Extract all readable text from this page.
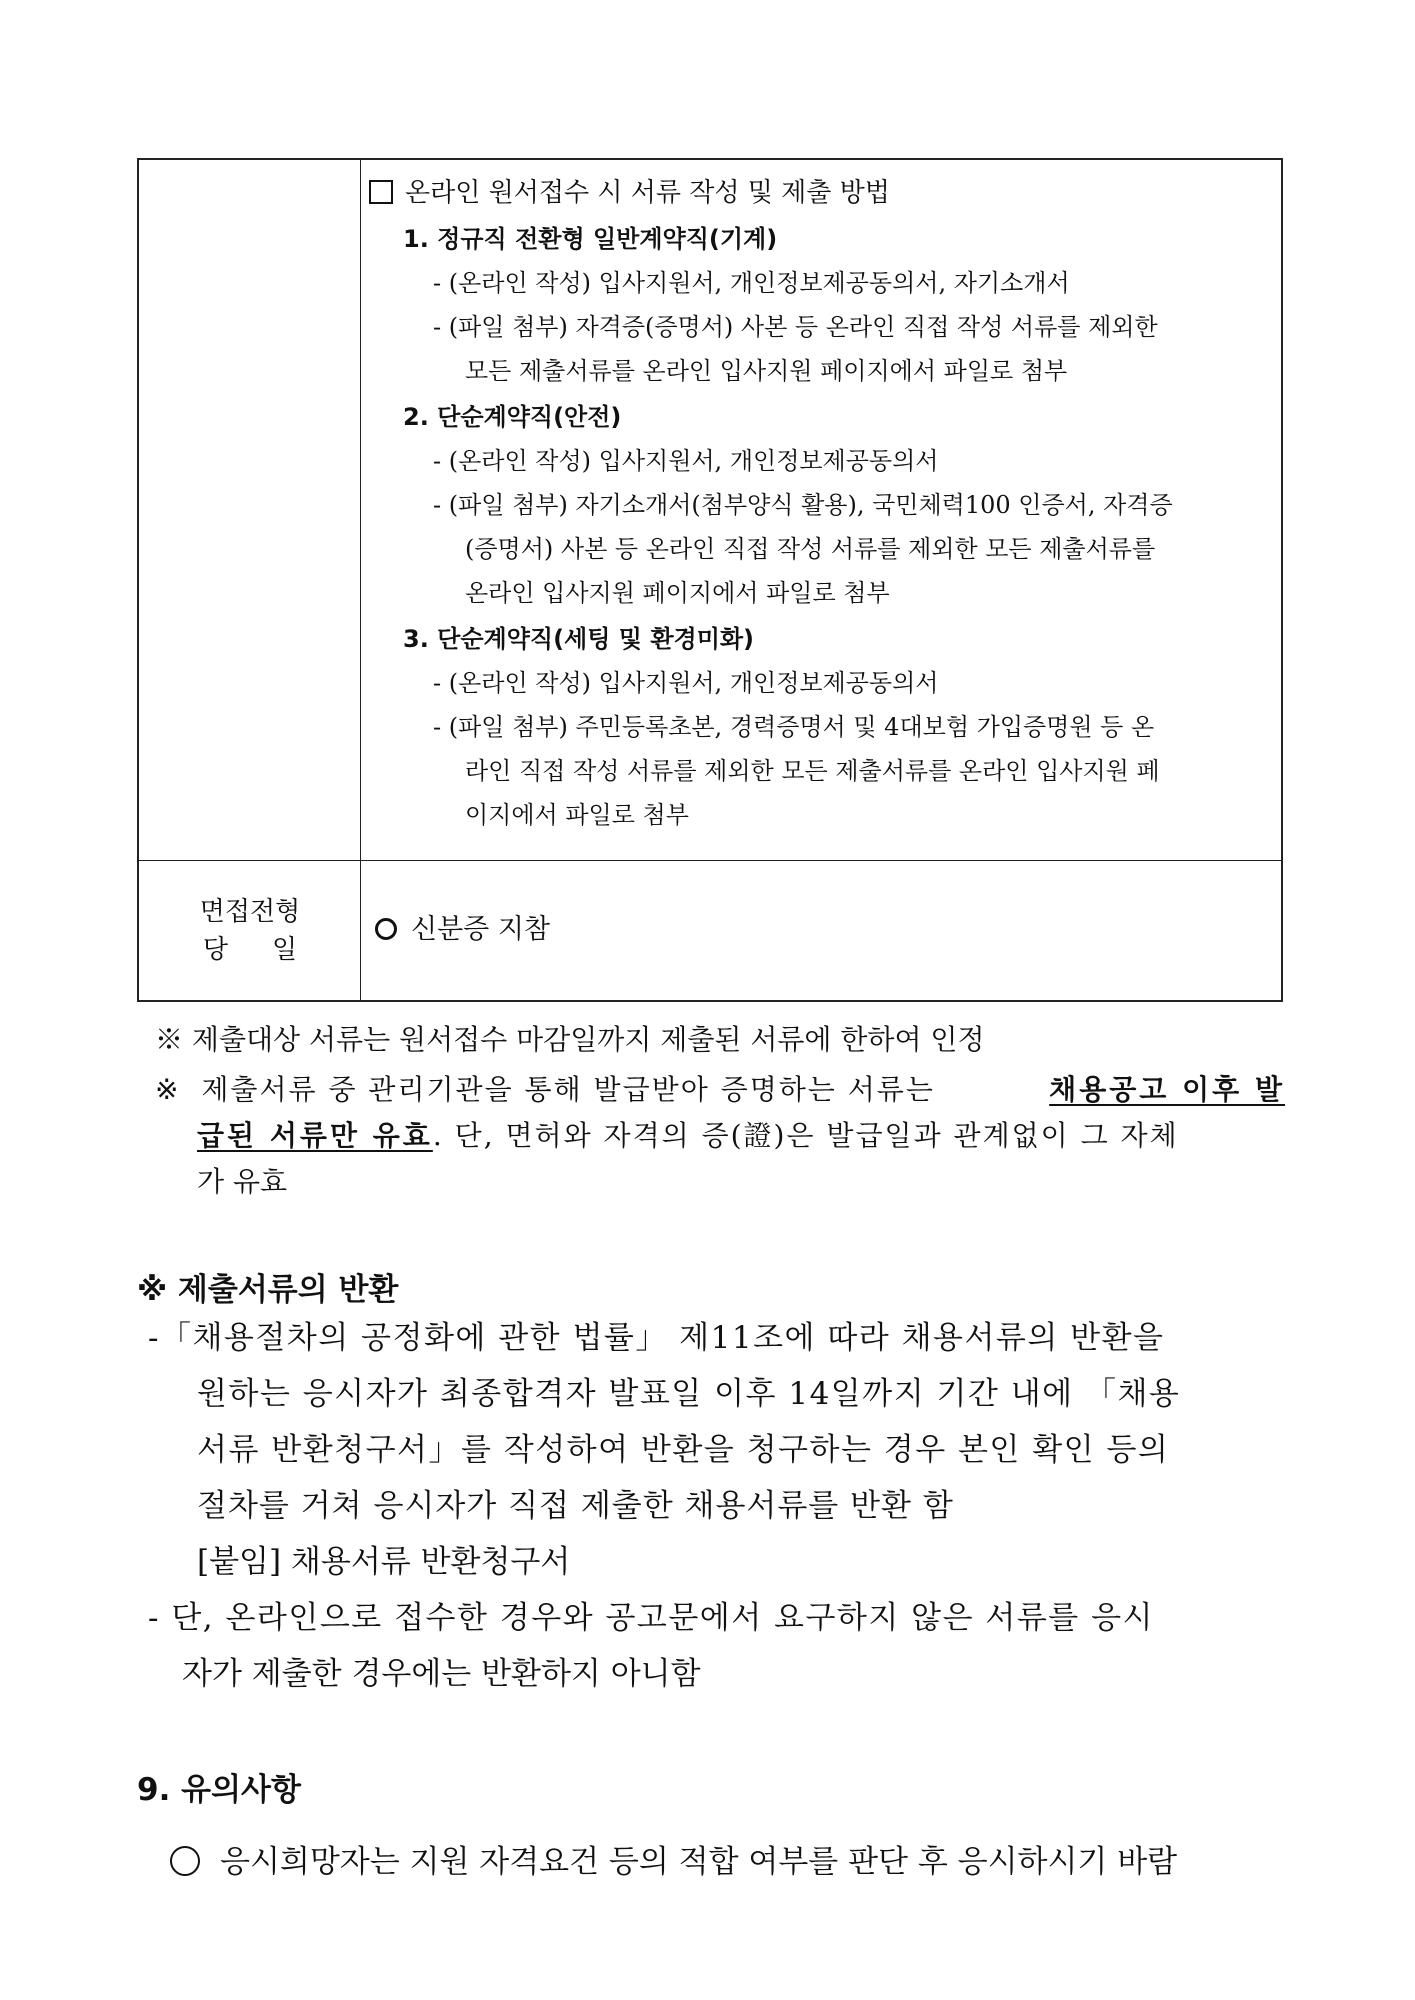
온라인 원서접수 시 서류 작성 및 제출 방법
1. 정규직 전환형 일반계약직(기계)
- (온라인 작성) 입사지원서, 개인정보제공동의서, 자기소개서
- (파일 첨부) 자격증(증명서) 사본 등 온라인 직접 작성 서류를 제외한
모든 제출서류를 온라인 입사지원 페이지에서 파일로 첨부
2. 단순계약직(안전)
- (온라인 작성) 입사지원서, 개인정보제공동의서
- (파일 첨부) 자기소개서(첨부양식 활용), 국민체력100 인증서, 자격증
(증명서) 사본 등 온라인 직접 작성 서류를 제외한 모든 제출서류를
온라인 입사지원 페이지에서 파일로 첨부
3. 단순계약직(세팅 및 환경미화)
- (온라인 작성) 입사지원서, 개인정보제공동의서
- (파일 첨부) 주민등록초본, 경력증명서 및 4대보험 가입증명원 등 온
라인 직접 작성 서류를 제외한 모든 제출서류를 온라인 입사지원 페
이지에서 파일로 첨부
면접전형
당일
신분증 지참
※ 제출대상 서류는 원서접수 마감일까지 제출된 서류에 한하여 인정
※ 제출서류 중 관리기관을 통해 발급받아 증명하는 서류는	채용공고 이후 발
급된 서류만 유효. 단, 면허와 자격의 증(證)은 발급일과 관계없이 그 자체
가 유효
※ 제출서류의 반환
-「채용절차의 공정화에 관한 법률」 제11조에 따라 채용서류의 반환을
원하는 응시자가 최종합격자 발표일 이후 14일까지 기간 내에 「채용
서류 반환청구서」를 작성하여 반환을 청구하는 경우 본인 확인 등의
절차를 거쳐 응시자가 직접 제출한 채용서류를 반환 함
[붙임] 채용서류 반환청구서
- 단, 온라인으로 접수한 경우와 공고문에서 요구하지 않은 서류를 응시
자가 제출한 경우에는 반환하지 아니함
9. 유의사항
응시희망자는 지원 자격요건 등의 적합 여부를 판단 후 응시하시기 바람
